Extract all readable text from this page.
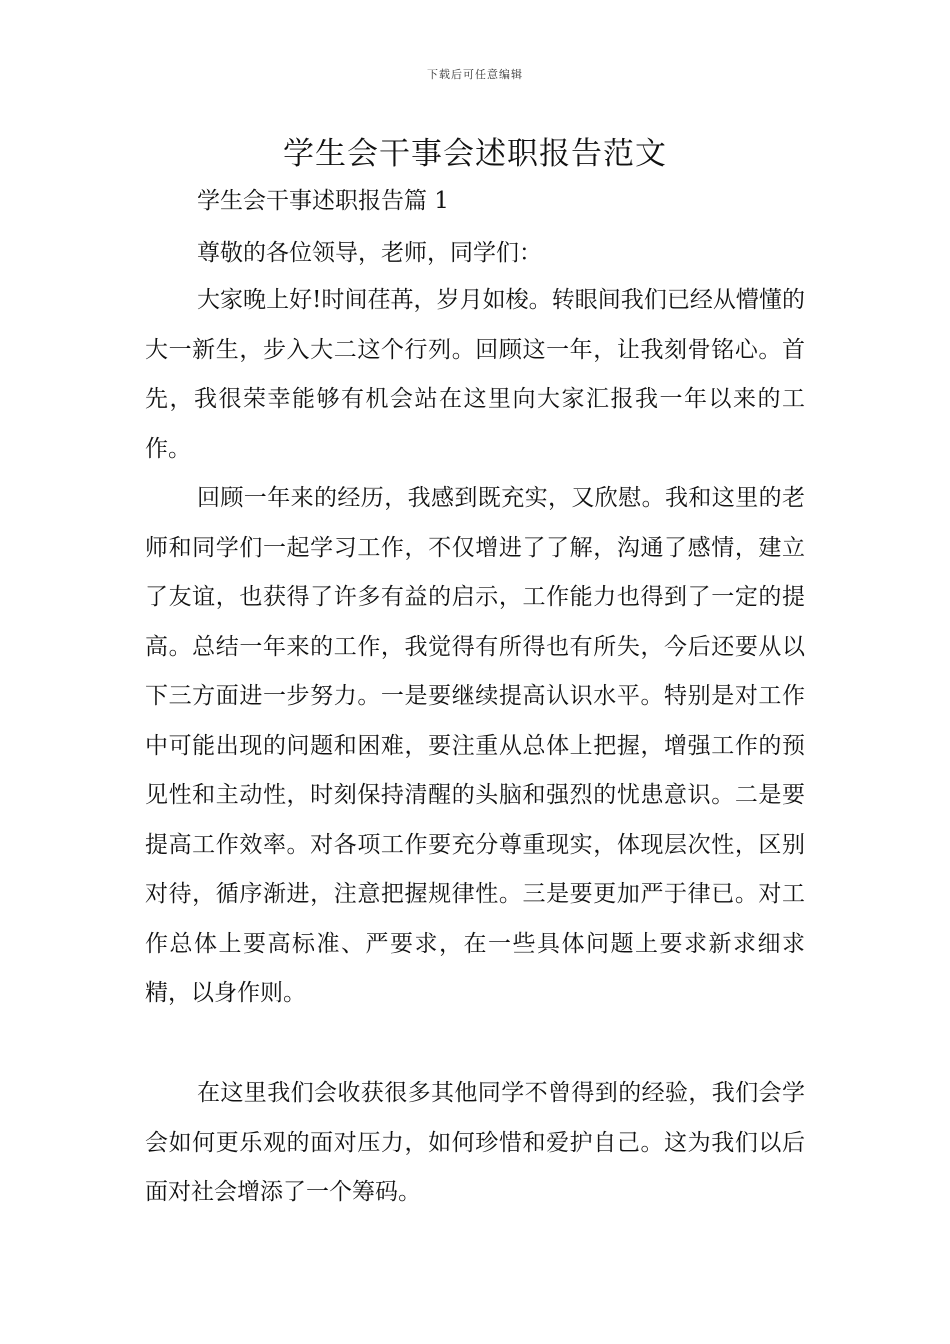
下载后可任意编辑
学生会干事会述职报告范文
学生会干事述职报告篇 1
尊敬的各位领导，老师，同学们：

大家晚上好!时间荏苒，岁月如梭。转眼间我们已经从懵懂的大一新生，步入大二这个行列。回顾这一年，让我刻骨铭心。首先，我很荣幸能够有机会站在这里向大家汇报我一年以来的工作。

回顾一年来的经历，我感到既充实，又欣慰。我和这里的老师和同学们一起学习工作，不仅增进了了解，沟通了感情，建立了友谊，也获得了许多有益的启示，工作能力也得到了一定的提高。总结一年来的工作，我觉得有所得也有所失，今后还要从以下三方面进一步努力。一是要继续提高认识水平。特别是对工作中可能出现的问题和困难，要注重从总体上把握，增强工作的预见性和主动性，时刻保持清醒的头脑和强烈的忧患意识。二是要提高工作效率。对各项工作要充分尊重现实，体现层次性，区别对待，循序渐进，注意把握规律性。三是要更加严于律已。对工作总体上要高标准、严要求，在一些具体问题上要求新求细求精，以身作则。

在这里我们会收获很多其他同学不曾得到的经验，我们会学会如何更乐观的面对压力，如何珍惜和爱护自己。这为我们以后面对社会增添了一个筹码。
